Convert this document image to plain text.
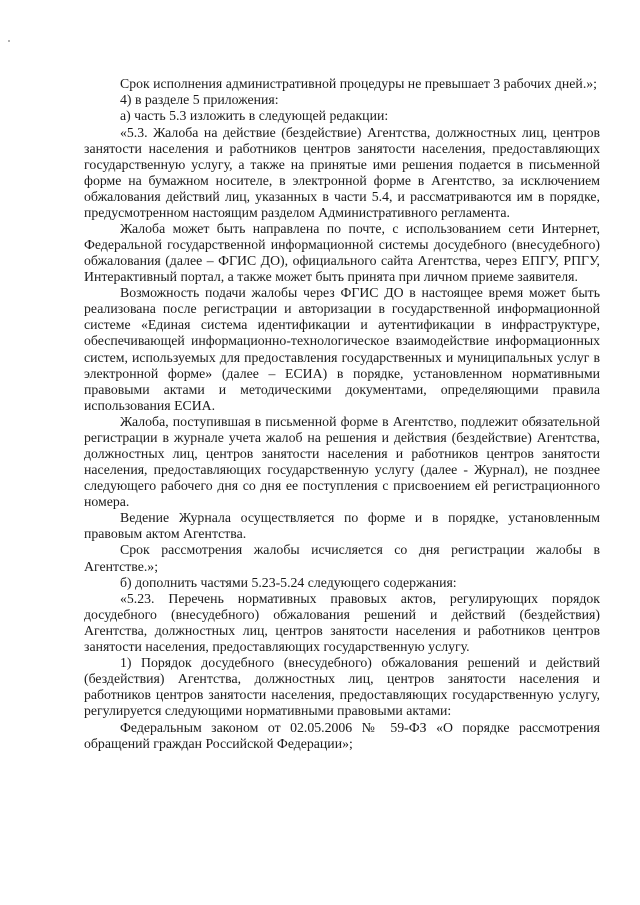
Срок исполнения административной процедуры не превышает 3 рабочих дней.»;

4) в разделе 5 приложения:

а) часть 5.3 изложить в следующей редакции:

«5.3. Жалоба на действие (бездействие) Агентства, должностных лиц, центров занятости населения и работников центров занятости населения, предоставляющих государственную услугу, а также на принятые ими решения подается в письменной форме на бумажном носителе, в электронной форме в Агентство, за исключением обжалования действий лиц, указанных в части 5.4, и рассматриваются им в порядке, предусмотренном настоящим разделом Административного регламента.

Жалоба может быть направлена по почте, с использованием сети Интернет, Федеральной государственной информационной системы досудебного (внесудебного) обжалования (далее – ФГИС ДО), официального сайта Агентства, через ЕПГУ, РПГУ, Интерактивный портал, а также может быть принята при личном приеме заявителя.

Возможность подачи жалобы через ФГИС ДО в настоящее время может быть реализована после регистрации и авторизации в государственной информационной системе «Единая система идентификации и аутентификации в инфраструктуре, обеспечивающей информационно-технологическое взаимодействие информационных систем, используемых для предоставления государственных и муниципальных услуг в электронной форме» (далее – ЕСИА) в порядке, установленном нормативными правовыми актами и методическими документами, определяющими правила использования ЕСИА.

Жалоба, поступившая в письменной форме в Агентство, подлежит обязательной регистрации в журнале учета жалоб на решения и действия (бездействие) Агентства, должностных лиц, центров занятости населения и работников центров занятости населения, предоставляющих государственную услугу (далее - Журнал), не позднее следующего рабочего дня со дня ее поступления с присвоением ей регистрационного номера.

Ведение Журнала осуществляется по форме и в порядке, установленным правовым актом Агентства.

Срок рассмотрения жалобы исчисляется со дня регистрации жалобы в Агентстве.»;

б) дополнить частями 5.23-5.24 следующего содержания:

«5.23. Перечень нормативных правовых актов, регулирующих порядок досудебного (внесудебного) обжалования решений и действий (бездействия) Агентства, должностных лиц, центров занятости населения и работников центров занятости населения, предоставляющих государственную услугу.

1) Порядок досудебного (внесудебного) обжалования решений и действий (бездействия) Агентства, должностных лиц, центров занятости населения и работников центров занятости населения, предоставляющих государственную услугу, регулируется следующими нормативными правовыми актами:

Федеральным законом от 02.05.2006 № 59-ФЗ «О порядке рассмотрения обращений граждан Российской Федерации»;
